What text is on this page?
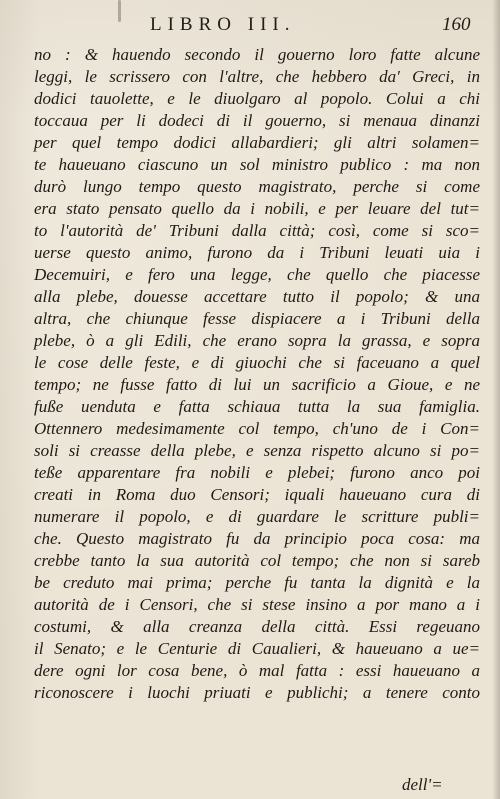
LIBRO III.	160
no : & hauendo secondo il gouerno loro fatte alcune
leggi, le scrissero con l'altre, che hebbero da' Greci, in
dodici tauolette, e le diuolgaro al popolo. Colui a chi
toccaua per li dodeci di il gouerno, si menaua dinanzi
per quel tempo dodici allabardieri; gli altri solamen=
te haueuano ciascuno un sol ministro publico : ma non
durò lungo tempo questo magistrato, perche si come
era stato pensato quello da i nobili, e per leuare del tut=
to l'autorità de' Tribuni dalla città; così, come si sco=
uerse questo animo, furono da i Tribuni leuati uia i
Decemuiri, e fero una legge, che quello che piacesse
alla plebe, douesse accettare tutto il popolo; & una
altra, che chiunque fesse dispiacere a i Tribuni della
plebe, ò a gli Edili, che erano sopra la grassa, e sopra
le cose delle feste, e di giuochi che si faceuano a quel
tempo; ne fusse fatto di lui un sacrificio a Gioue, e ne
fuße uenduta e fatta schiaua tutta la sua famiglia.
Ottennero medesimamente col tempo, ch'uno de i Con=
soli si creasse della plebe, e senza rispetto alcuno si po=
teße apparentare fra nobili e plebei; furono anco poi
creati in Roma duo Censori; iquali haueuano cura di
numerare il popolo, e di guardare le scritture publi=
che. Questo magistrato fu da principio poca cosa: ma
crebbe tanto la sua autorità col tempo; che non si sareb
be creduto mai prima; perche fu tanta la dignità e la
autorità de i Censori, che si stese insino a por mano a i
costumi, & alla creanza della città. Essi regeuano
il Senato; e le Centurie di Caualieri, & haueuano a ue=
dere ogni lor cosa bene, ò mal fatta : essi haueuano a
riconoscere i luochi priuati e publichi; a tenere conto
dell'=
